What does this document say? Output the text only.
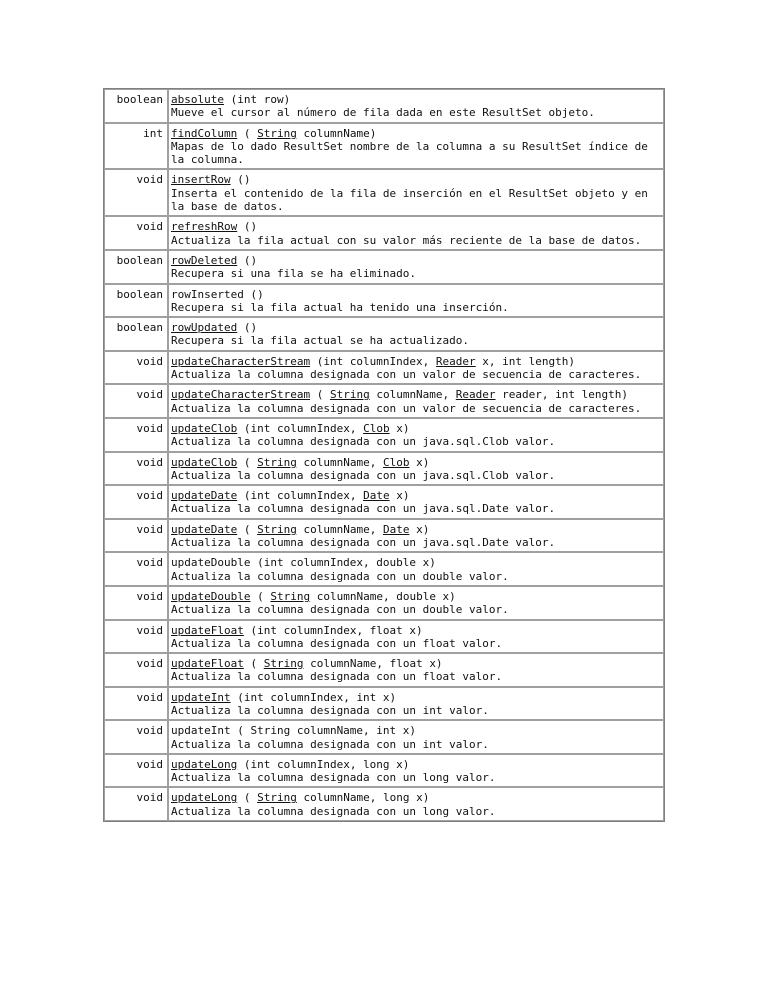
boolean	absolute (int row)
Mueve el cursor al número de fila dada en este ResultSet objeto.

int	findColumn ( String columnName)
Mapas de lo dado ResultSet nombre de la columna a su ResultSet índice de la columna.

void	insertRow ()
Inserta el contenido de la fila de inserción en el ResultSet objeto y en la base de datos.

void	refreshRow ()
Actualiza la fila actual con su valor más reciente de la base de datos.

boolean	rowDeleted ()
Recupera si una fila se ha eliminado.

boolean	rowInserted ()
Recupera si la fila actual ha tenido una inserción.

boolean	rowUpdated ()
Recupera si la fila actual se ha actualizado.

void	updateCharacterStream (int columnIndex, Reader x, int length)
Actualiza la columna designada con un valor de secuencia de caracteres.

void	updateCharacterStream ( String columnName, Reader reader, int length)
Actualiza la columna designada con un valor de secuencia de caracteres.

void	updateClob (int columnIndex, Clob x)
Actualiza la columna designada con un java.sql.Clob valor.

void	updateClob ( String columnName, Clob x)
Actualiza la columna designada con un java.sql.Clob valor.

void	updateDate (int columnIndex, Date x)
Actualiza la columna designada con un java.sql.Date valor.

void	updateDate ( String columnName, Date x)
Actualiza la columna designada con un java.sql.Date valor.

void	updateDouble (int columnIndex, double x)
Actualiza la columna designada con un double valor.

void	updateDouble ( String columnName, double x)
Actualiza la columna designada con un double valor.

void	updateFloat (int columnIndex, float x)
Actualiza la columna designada con un float valor.

void	updateFloat ( String columnName, float x)
Actualiza la columna designada con un float valor.

void	updateInt (int columnIndex, int x)
Actualiza la columna designada con un int valor.

void	updateInt ( String columnName, int x)
Actualiza la columna designada con un int valor.

void	updateLong (int columnIndex, long x)
Actualiza la columna designada con un long valor.

void	updateLong ( String columnName, long x)
Actualiza la columna designada con un long valor.
